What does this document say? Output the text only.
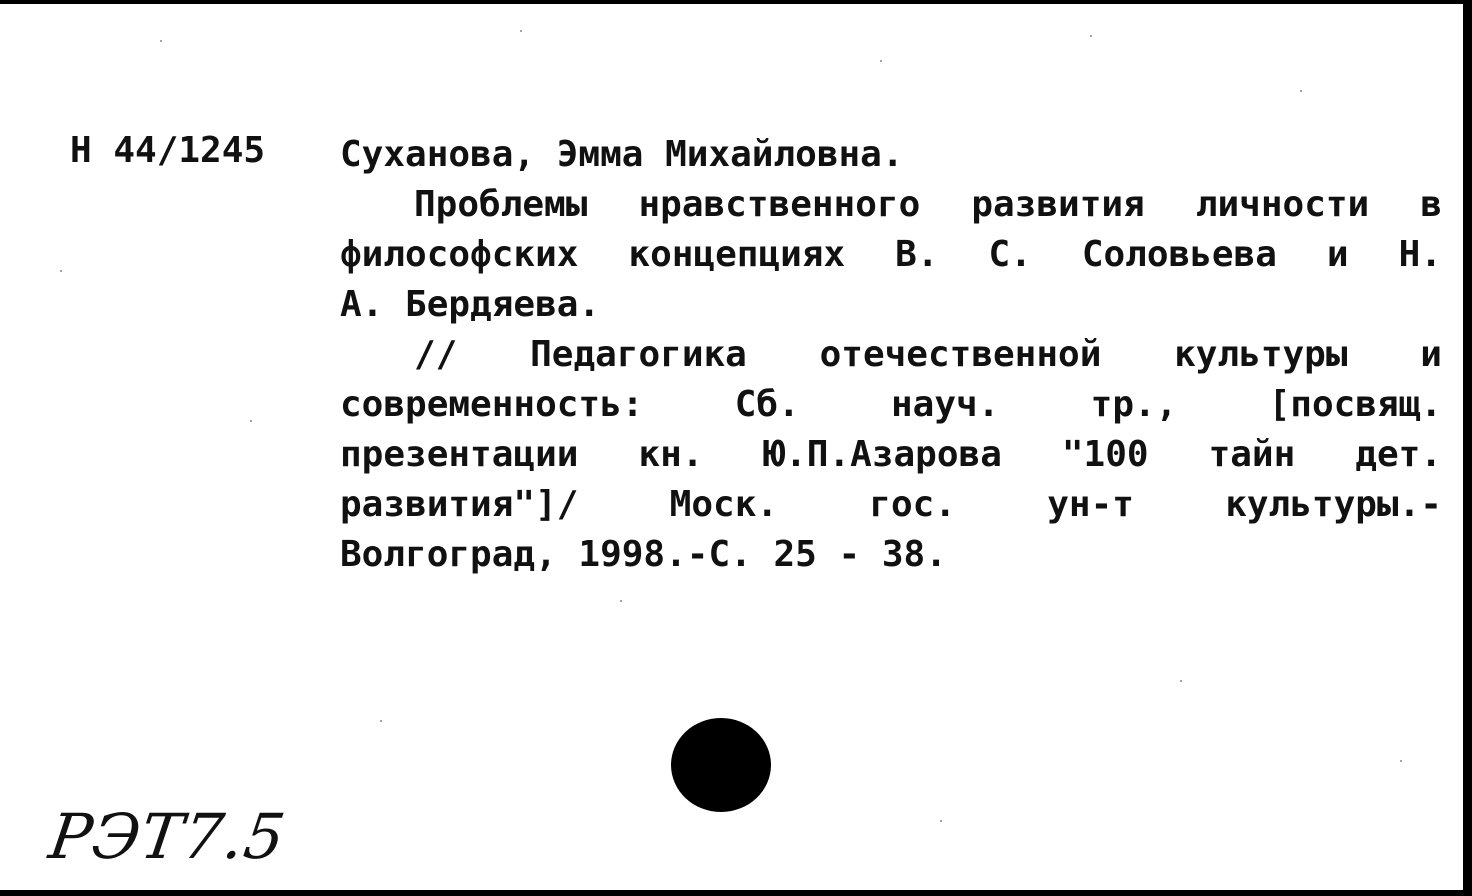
Н 44/1245 Суханова, Эмма Михайловна.
Проблемы нравственного развития личности в
философских концепциях В. С. Соловьева и Н.
А. Бердяева.
// Педагогика отечественной культуры и
современность:	Сб.	науч.	тр.,	[посвящ.
презентации кн. Ю.П.Азарова "100 тайн дет.
развития"]/	Моск.	гос.	ун-т	культуры.-
Волгоград, 1998.-С. 25 - 38.
РЭТ7.5
